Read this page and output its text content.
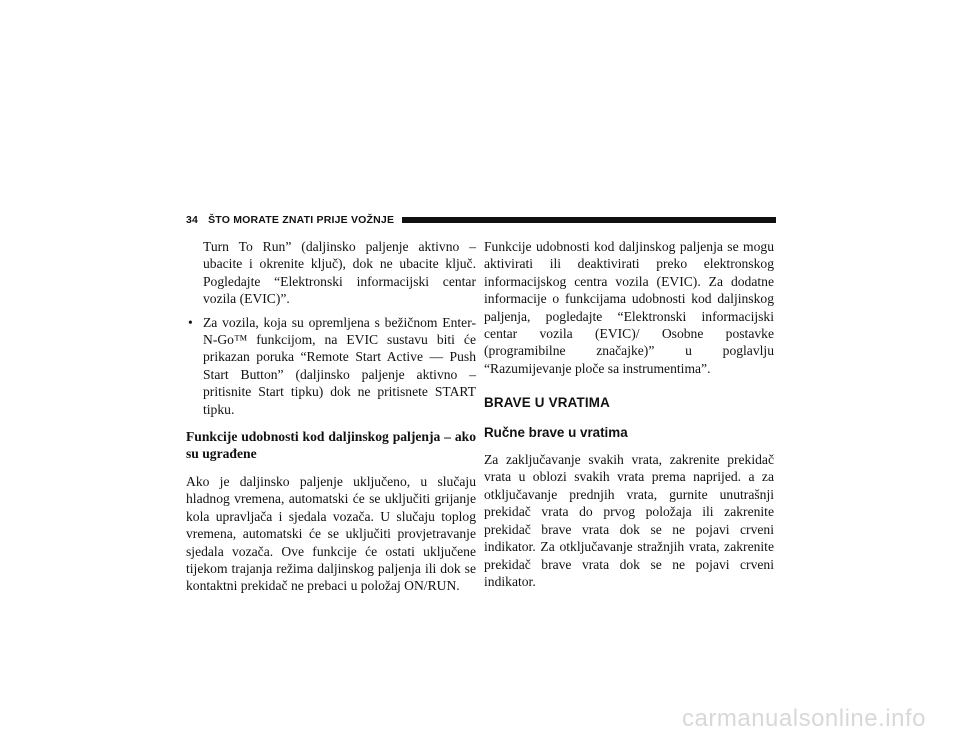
34 ŠTO MORATE ZNATI PRIJE VOŽNJE

Turn To Run” (daljinsko paljenje aktivno – ubacite i okrenite ključ), dok ne ubacite ključ. Pogledajte “Elektronski informacijski centar vozila (EVIC)”.

• Za vozila, koja su opremljena s bežičnom Enter-N-Go™ funkcijom, na EVIC sustavu biti će prikazan poruka “Remote Start Active — Push Start Button” (daljinsko paljenje aktivno – pritisnite Start tipku) dok ne pritisnete START tipku.

Funkcije udobnosti kod daljinskog paljenja – ako su ugrađene

Ako je daljinsko paljenje uključeno, u slučaju hladnog vremena, automatski će se uključiti grijanje kola upravljača i sjedala vozača. U slučaju toplog vremena, automatski će se uključiti provjetravanje sjedala vozača. Ove funkcije će ostati uključene tijekom trajanja režima daljinskog paljenja ili dok se kontaktni prekidač ne prebaci u položaj ON/RUN.

Funkcije udobnosti kod daljinskog paljenja se mogu aktivirati ili deaktivirati preko elektronskog informacijskog centra vozila (EVIC). Za dodatne informacije o funkcijama udobnosti kod daljinskog paljenja, pogledajte “Elektronski informacijski centar vozila (EVIC)/ Osobne postavke (programibilne značajke)” u poglavlju “Razumijevanje ploče sa instrumentima”.

BRAVE U VRATIMA
Ručne brave u vratima

Za zaključavanje svakih vrata, zakrenite prekidač vrata u oblozi svakih vrata prema naprijed. a za otključavanje prednjih vrata, gurnite unutrašnji prekidač vrata do prvog položaja ili zakrenite prekidač brave vrata dok se ne pojavi crveni indikator. Za otključavanje stražnjih vrata, zakrenite prekidač brave vrata dok se ne pojavi crveni indikator.

carmanualsonline.info
